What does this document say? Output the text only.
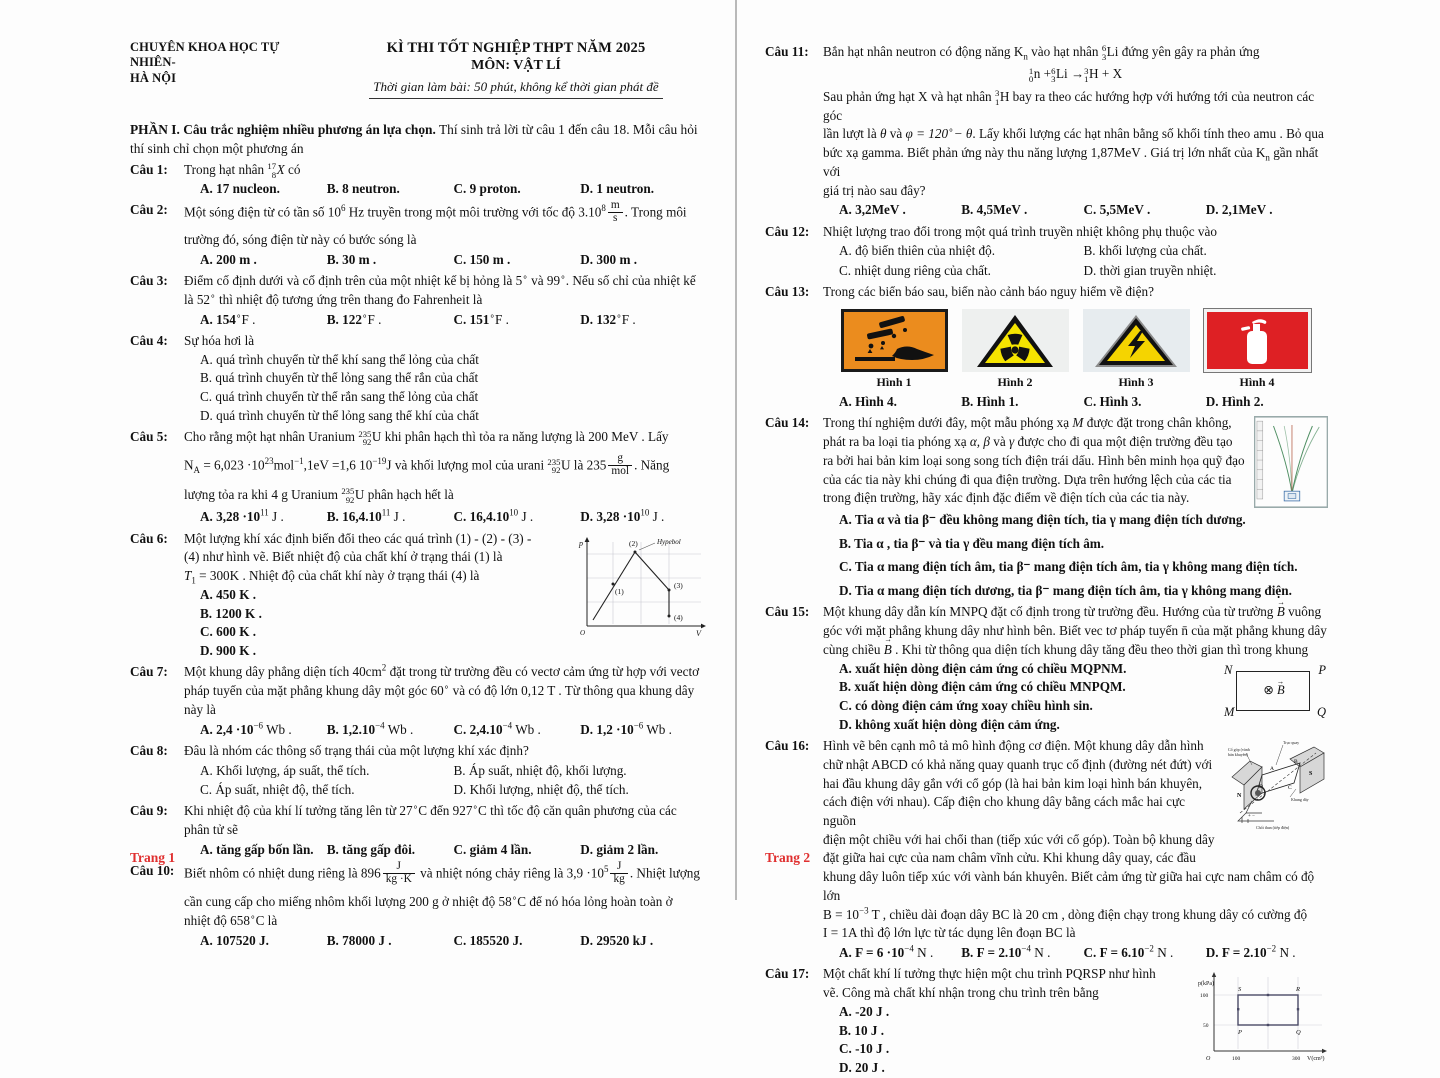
CHUYÊN KHOA HỌC TỰ NHIÊN-
HÀ NỘI
KÌ THI TỐT NGHIỆP THPT NĂM 2025
MÔN: VẬT LÍ
Thời gian làm bài: 50 phút, không kể thời gian phát đề
PHẦN I. Câu trắc nghiệm nhiều phương án lựa chọn. Thí sinh trả lời từ câu 1 đến câu 18. Mỗi câu hỏi thí sinh chỉ chọn một phương án
Câu 1:	Trong hạt nhân 17
8 X có

A. 17 nucleon.	B. 8 neutron.	C. 9 proton.	D. 1 neutron.
Câu 2:	Một sóng điện từ có tần số $10^6$ Hz truyền trong một môi trường với tốc độ $3.10^8 \frac{m}{s}$ . Trong môi

trường đó, sóng điện từ này có bước sóng là

A. 200 m .	B. 30 m .	C. 150 m .	D. 300 m .
Câu 3:	Điểm cố định dưới và cố định trên của một nhiệt kế bị hỏng là 5∘ và 99∘. Nếu số chỉ của nhiệt kế

là 52∘ thì nhiệt độ tương ứng trên thang đo Fahrenheit là

A. 154∘F .	B. 122∘F .	C. 151∘F .	D. 132∘F .
Câu 4:	Sự hóa hơi là

A. quá trình chuyển từ thể khí sang thể lỏng của chất
B. quá trình chuyển từ thể lỏng sang thể rắn của chất
C. quá trình chuyển từ thể rắn sang thể lỏng của chất
D. quá trình chuyển từ thể lỏng sang thể khí của chất
Câu 5:	Cho rằng một hạt nhân Uranium 235
92 U khi phân hạch thì tỏa ra năng lượng là 200 MeV . Lấy

$N_A = 6,023 \cdot 10^{23}mol^{-1},1eV =1,6$ $10^{-19}J$ và khối lượng mol của urani 235
92 U là $235 \frac{g}{\text{mol}}$ . Năng

lượng tỏa ra khi 4 g Uranium 235
92 U phân hạch hết là

A. $3,28 \cdot 10^{11}$ J .	B. 16,4.10$^{11}$ J .	C. 16,4.10$^{10}$ J .	D. $3,28 \cdot 10^{10}$ J .
Câu 6:	Hypebol
(1)
(2)
(3)
(4)
p
V
O

Một lượng khí xác định biến đổi theo các quá trình (1) - (2) - (3) -

(4) như hình vẽ. Biết nhiệt độ của chất khí ở trạng thái (1) là

$T_1 = 300K$ . Nhiệt độ của chất khí này ở trạng thái (4) là

A. 450 K .
B. 1200 K .
C. 600 K .
D. 900 K .
Câu 7:	Một khung dây phẳng diện tích $40cm^2$ đặt trong từ trường đều có vectơ cảm ứng từ hợp với vectơ

pháp tuyến của mặt phẳng khung dây một góc 60∘ và có độ lớn 0,12 T . Từ thông qua khung dây

này là

A. $2,4 \cdot 10^{-6}$ Wb .	B. $1,2.10^{-4}$ Wb .	C. $2,4.10^{-4}$ Wb .	D. $1,2 \cdot 10^{-6}$ Wb .
Câu 8:	Đâu là nhóm các thông số trạng thái của một lượng khí xác định?

A. Khối lượng, áp suất, thể tích.	B. Áp suất, nhiệt độ, khối lượng.
C. Áp suất, nhiệt độ, thể tích.	D. Khối lượng, nhiệt độ, thể tích.
Câu 9:	Khi nhiệt độ của khí lí tưởng tăng lên từ 27∘C đến 927∘C thì tốc độ căn quân phương của các

phân tử sẽ

A. tăng gấp bốn lần. B. tăng gấp đôi.	C. giảm 4 lần.	D. giảm 2 lần.
Câu 10: Biết nhôm có nhiệt dung riêng là $896 \frac{J}{kg \cdot K}$ và nhiệt nóng chảy riêng là $3,9 \cdot 10^5 \frac{J}{kg}$ . Nhiệt lượng

cần cung cấp cho miếng nhôm khối lượng 200 g ở nhiệt độ 58∘C để nó hóa lỏng hoàn toàn ở

nhiệt độ 658∘C là

A. 107520 J.	B. 78000 J .	C. 185520 J.	D. 29520 kJ .
Trang 1
Câu 11:	Bắn hạt nhân neutron có động năng $K_n$ vào hạt nhân 6
3 Li đứng yên gây ra phản ứng

1
0 n + 6
3 Li → 3
1 H + X

Sau phản ứng hạt X và hạt nhân 3
1 H bay ra theo các hướng hợp với hướng tới của neutron các góc

lần lượt là θ và φ = 120∘− θ. Lấy khối lượng các hạt nhân bằng số khối tính theo amu . Bỏ qua

bức xạ gamma. Biết phản ứng này thu năng lượng 1,87MeV . Giá trị lớn nhất của $K_n$ gần nhất với

giá trị nào sau đây?

A. 3,2MeV .	B. 4,5MeV .	C. 5,5MeV .	D. 2,1MeV .
Câu 12:	Nhiệt lượng trao đổi trong một quá trình truyền nhiệt không phụ thuộc vào

A. độ biến thiên của nhiệt độ.	B. khối lượng của chất.
C. nhiệt dung riêng của chất.	D. thời gian truyền nhiệt.
Câu 13:	Trong các biển báo sau, biển nào cảnh báo nguy hiểm về điện?

Hình 1	Hình 2	Hình 3	Hình 4
A. Hình 4.	B. Hình 1.	C. Hình 3.	D. Hình 2.
Câu 14:	Trong thí nghiệm dưới đây, một mẫu phóng xạ M được đặt trong chân không,

phát ra ba loại tia phóng xạ α, β và γ được cho đi qua một điện trường đều tạo

ra bởi hai bản kim loại song song tích điện trái dấu. Hình bên minh họa quỹ đạo

của các tia này khi chúng đi qua điện trường. Dựa trên hướng lệch của các tia

trong điện trường, hãy xác định đặc điểm về điện tích của các tia này.

A. Tia α và tia β⁻ đều không mang điện tích, tia γ mang điện tích dương.
B. Tia α , tia β⁻ và tia γ đều mang điện tích âm.
C. Tia α mang điện tích âm, tia β⁻ mang điện tích âm, tia γ không mang điện tích.
D. Tia α mang điện tích dương, tia β⁻ mang điện tích âm, tia γ không mang điện.
Câu 15:	Một khung dây dẫn kín MNPQ đặt cố định trong từ trường đều. Hướng của từ trường B → vuông

góc với mặt phẳng khung dây như hình bên. Biết vec tơ pháp tuyến n̄ của mặt phẳng khung dây

cùng chiều B → . Khi từ thông qua diện tích khung dây tăng đều theo thời gian thì trong khung

A. xuất hiện dòng điện cảm ứng có chiều MQPNM.
B. xuất hiện dòng điện cảm ứng có chiều MNPQM.
C. có dòng điện cảm ứng xoay chiều hình sin.
D. không xuất hiện dòng điện cảm ứng.
N	P
M	Q
⊗ B →
Câu 16:
N
S
A
B
C
D
+ −
Trục quay
Cổ góp (vành
bán khuyên)
Khung dây
Chổi than (tiếp điện)

Hình vẽ bên cạnh mô tả mô hình động cơ điện. Một khung dây dẫn hình

chữ nhật ABCD có khả năng quay quanh trục cố định (đường nét đứt) với

hai đầu khung dây gắn với cổ góp (là hai bản kim loại hình bán khuyên,

cách điện với nhau). Cấp điện cho khung dây bằng cách mắc hai cực nguồn

điện một chiều với hai chổi than (tiếp xúc với cổ góp). Toàn bộ khung dây

đặt giữa hai cực của nam châm vĩnh cửu. Khi khung dây quay, các đầu

khung dây luôn tiếp xúc với vành bán khuyên. Biết cảm ứng từ giữa hai cực nam châm có độ lớn

$B = 10^{-3}$ T , chiều dài đoạn dây BC là 20 cm , dòng điện chạy trong khung dây có cường độ

I = 1A thì độ lớn lực từ tác dụng lên đoạn BC là

A. $F = 6 \cdot 10^{-4}$ N .	B. $F = 2.10^{-4}$ N .	C. $F = 6.10^{-2}$ N .	D. $F = 2.10^{-2}$ N .
Câu 17:
P	Q
R
S
p(kPa)
100
50
100	300 V(cm³)
O

Một chất khí lí tưởng thực hiện một chu trình PQRSP như hình

vẽ. Công mà chất khí nhận trong chu trình trên bằng

A. -20 J .
B. 10 J .
C. -10 J .
D. 20 J .
Trang 2
